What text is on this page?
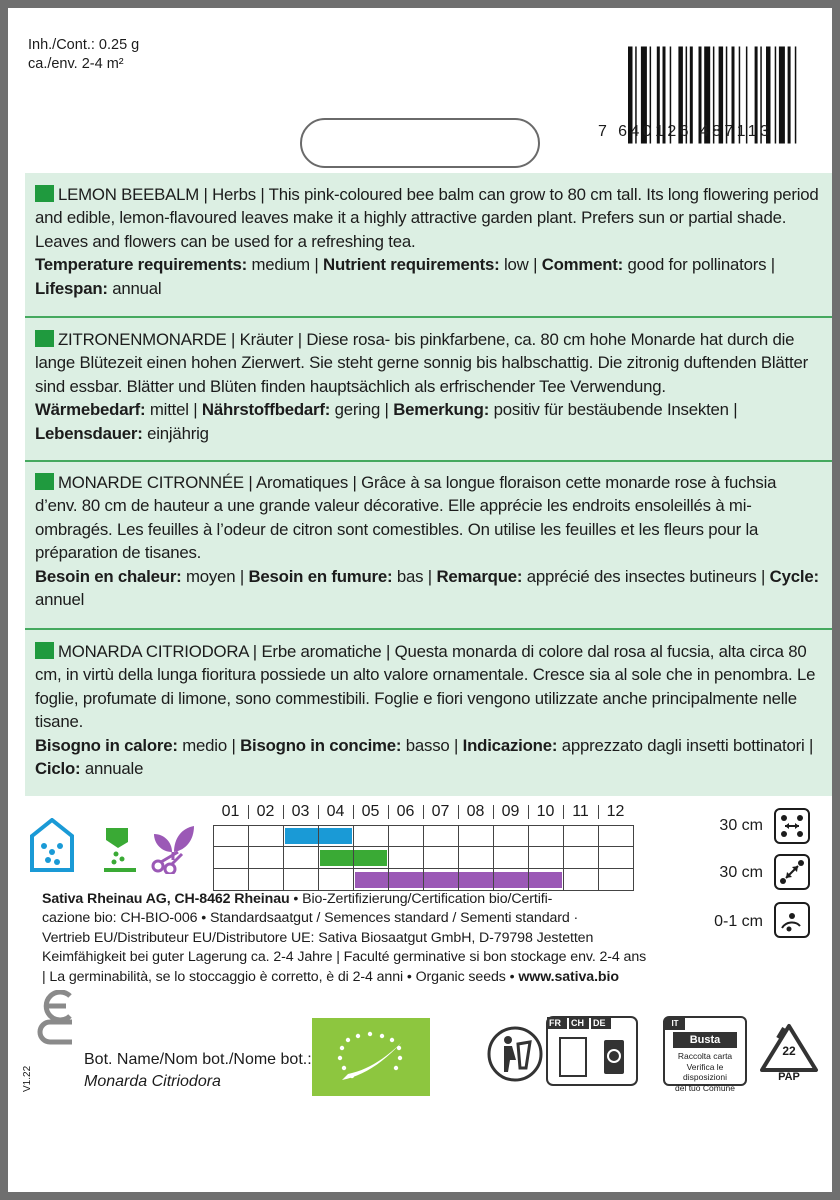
Inh./Cont.: 0.25 g
ca./env. 2-4 m²
7 640126 487113
LEMON BEEBALM | Herbs | This pink-coloured bee balm can grow to 80 cm tall. Its long flowering period and edible, lemon-flavoured leaves make it a highly attractive garden plant. Prefers sun or partial shade. Leaves and flowers can be used for a refreshing tea.
Temperature requirements: medium | Nutrient requirements: low | Comment: good for pollinators | Lifespan: annual
ZITRONENMONARDE | Kräuter | Diese rosa- bis pinkfarbene, ca. 80 cm hohe Monarde hat durch die lange Blütezeit einen hohen Zierwert. Sie steht gerne sonnig bis halbschattig. Die zitronig duftenden Blätter sind essbar. Blätter und Blüten finden hauptsächlich als erfrischender Tee Verwendung.
Wärmebedarf: mittel | Nährstoffbedarf: gering | Bemerkung: positiv für bestäubende Insekten | Lebensdauer: einjährig
MONARDE CITRONNÉE | Aromatiques | Grâce à sa longue floraison cette monarde rose à fuchsia d’env. 80 cm de hauteur a une grande valeur décorative. Elle apprécie les endroits ensoleillés à mi-ombragés. Les feuilles à l’odeur de citron sont comestibles. On utilise les feuilles et les fleurs pour la préparation de tisanes.
Besoin en chaleur: moyen | Besoin en fumure: bas | Remarque: apprécié des insectes butineurs | Cycle: annuel
MONARDA CITRIODORA | Erbe aromatiche | Questa monarda di colore dal rosa al fucsia, alta circa 80 cm, in virtù della lunga fioritura possiede un alto valore ornamentale. Cresce sia al sole che in penombra. Le foglie, profumate di limone, sono commestibili. Foglie e fiori vengono utilizzate anche principalmente nelle tisane.
Bisogno in calore: medio | Bisogno in concime: basso | Indicazione: apprezzato dagli insetti bottinatori | Ciclo: annuale
01	02	03	04	05	06	07	08	09	10	11	12
30 cm
30 cm
0-1 cm
Sativa Rheinau AG, CH-8462 Rheinau • Bio-Zertifizierung/Certification bio/Certifi-
cazione bio: CH-BIO-006 • Standardsaatgut / Semences standard / Sementi standard ·
Vertrieb EU/Distributeur EU/Distributore UE: Sativa Biosaatgut GmbH, D-79798 Jestetten
Keimfähigkeit bei guter Lagerung ca. 2-4 Jahre | Faculté germinative si bon stockage env. 2-4 ans
| La germinabilità, se lo stoccaggio è corretto, è di 2-4 anni • Organic seeds • www.sativa.bio
V1.22
Bot. Name/Nom bot./Nome bot.:
Monarda Citriodora
FR CH DE	IT
Busta
Raccolta carta
Verifica le disposizioni
del tuo Comune
22
PAP
